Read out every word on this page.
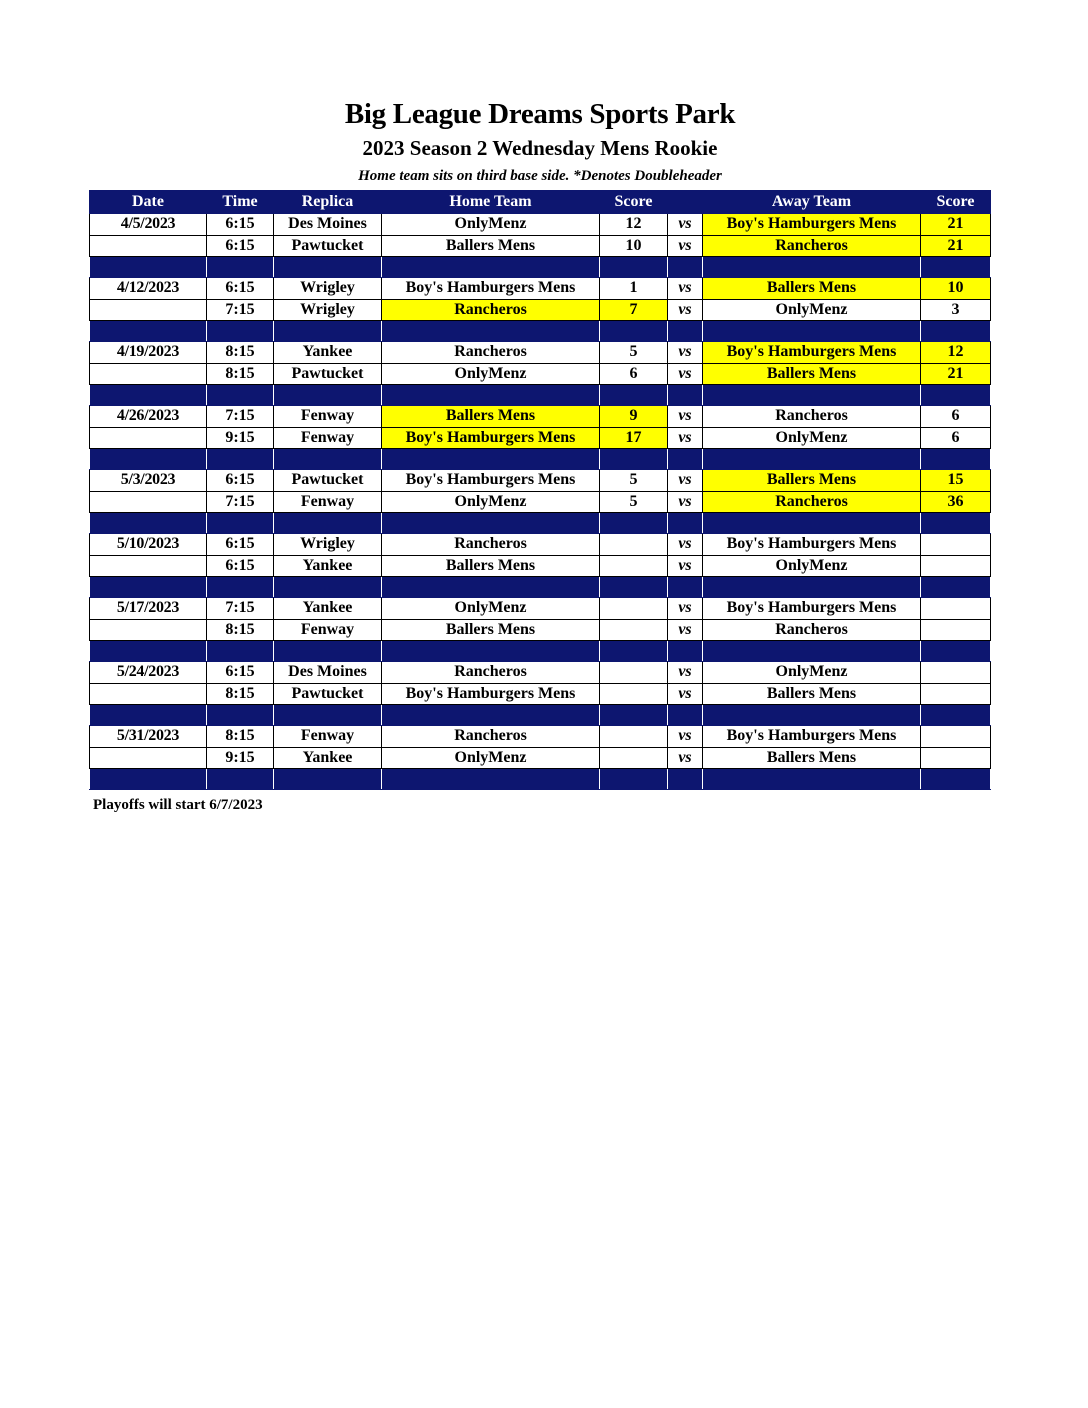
Big League Dreams Sports Park
2023 Season 2 Wednesday Mens Rookie
Home team sits on third base side. *Denotes Doubleheader
Date	Time	Replica	Home Team	Score		Away Team	Score
4/5/2023	6:15	Des Moines	OnlyMenz	12	vs	Boy's Hamburgers Mens	21
	6:15	Pawtucket	Ballers Mens	10	vs	Rancheros	21

4/12/2023	6:15	Wrigley	Boy's Hamburgers Mens	1	vs	Ballers Mens	10
	7:15	Wrigley	Rancheros	7	vs	OnlyMenz	3

4/19/2023	8:15	Yankee	Rancheros	5	vs	Boy's Hamburgers Mens	12
	8:15	Pawtucket	OnlyMenz	6	vs	Ballers Mens	21

4/26/2023	7:15	Fenway	Ballers Mens	9	vs	Rancheros	6
	9:15	Fenway	Boy's Hamburgers Mens	17	vs	OnlyMenz	6

5/3/2023	6:15	Pawtucket	Boy's Hamburgers Mens	5	vs	Ballers Mens	15
	7:15	Fenway	OnlyMenz	5	vs	Rancheros	36

5/10/2023	6:15	Wrigley	Rancheros		vs	Boy's Hamburgers Mens	
	6:15	Yankee	Ballers Mens		vs	OnlyMenz	

5/17/2023	7:15	Yankee	OnlyMenz		vs	Boy's Hamburgers Mens	
	8:15	Fenway	Ballers Mens		vs	Rancheros	

5/24/2023	6:15	Des Moines	Rancheros		vs	OnlyMenz	
	8:15	Pawtucket	Boy's Hamburgers Mens		vs	Ballers Mens	

5/31/2023	8:15	Fenway	Rancheros		vs	Boy's Hamburgers Mens	
	9:15	Yankee	OnlyMenz		vs	Ballers Mens	

Playoffs will start 6/7/2023
